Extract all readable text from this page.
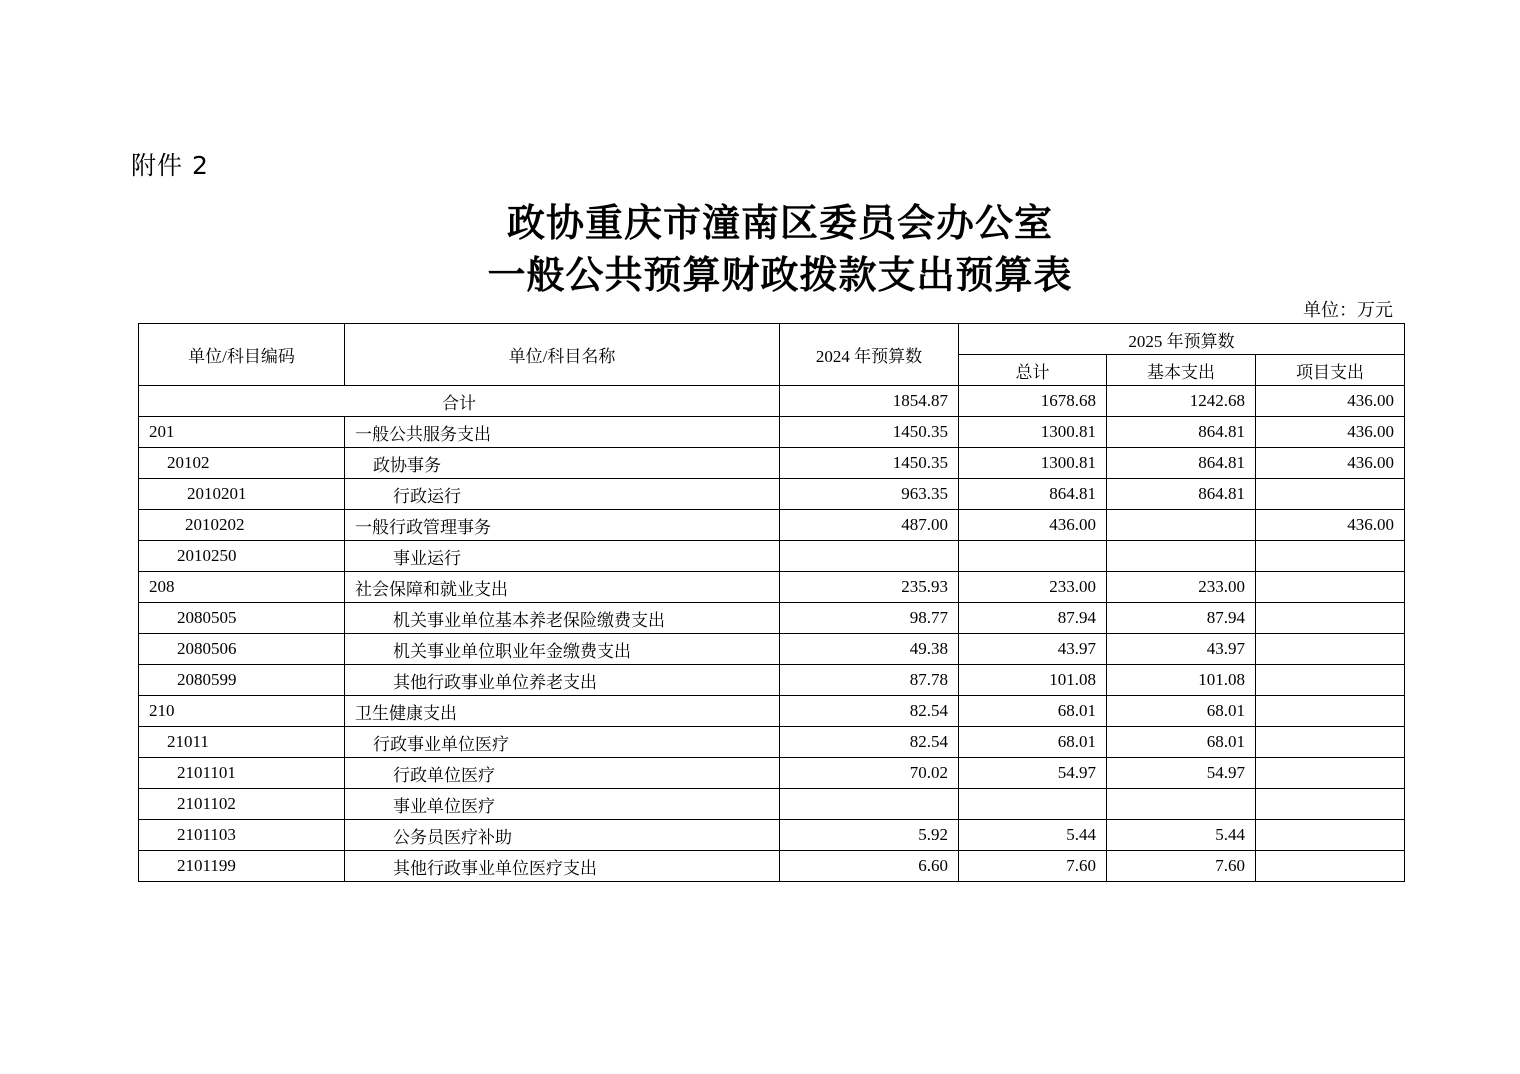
附件 2
政协重庆市潼南区委员会办公室
一般公共预算财政拨款支出预算表
单位：万元
单位/科目编码	单位/科目名称	2024 年预算数	2025 年预算数		
			总计	基本支出	项目支出
合计		1854.87	1678.68	1242.68	436.00
201	一般公共服务支出	1450.35	1300.81	864.81	436.00
20102	政协事务	1450.35	1300.81	864.81	436.00
2010201	行政运行	963.35	864.81	864.81	
2010202	一般行政管理事务	487.00	436.00		436.00
2010250	事业运行				
208	社会保障和就业支出	235.93	233.00	233.00	
2080505	机关事业单位基本养老保险缴费支出	98.77	87.94	87.94	
2080506	机关事业单位职业年金缴费支出	49.38	43.97	43.97	
2080599	其他行政事业单位养老支出	87.78	101.08	101.08	
210	卫生健康支出	82.54	68.01	68.01	
21011	行政事业单位医疗	82.54	68.01	68.01	
2101101	行政单位医疗	70.02	54.97	54.97	
2101102	事业单位医疗				
2101103	公务员医疗补助	5.92	5.44	5.44	
2101199	其他行政事业单位医疗支出	6.60	7.60	7.60	
